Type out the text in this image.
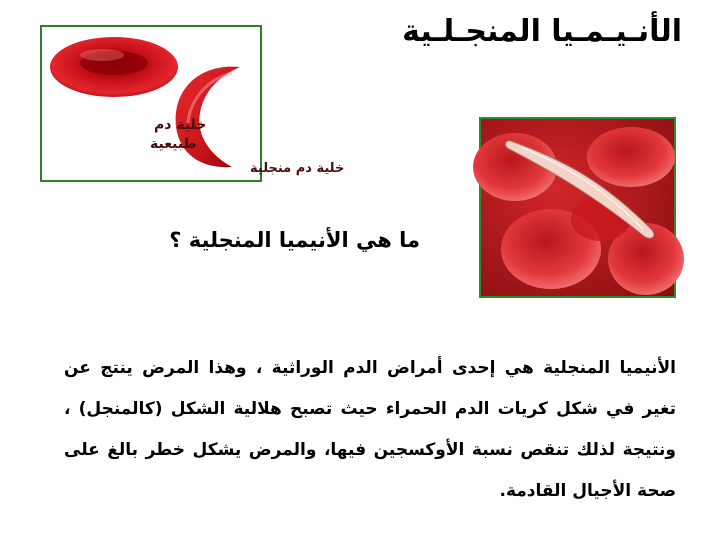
الأنـيـمـيا المنجـلـية
خلية دم
طبيعية
خلية دم منجلية
ما هي الأنيميا المنجلية ؟
الأنيميا المنجلية هي إحدى أمراض الدم الوراثية ، وهذا المرض ينتج عن تغير في شكل كريات الدم الحمراء حيث تصبح هلالية الشكل (كالمنجل) ، ونتيجة لذلك تنقص نسبة الأوكسجين فيها، والمرض يشكل خطر بالغ على صحة الأجيال القادمة.
